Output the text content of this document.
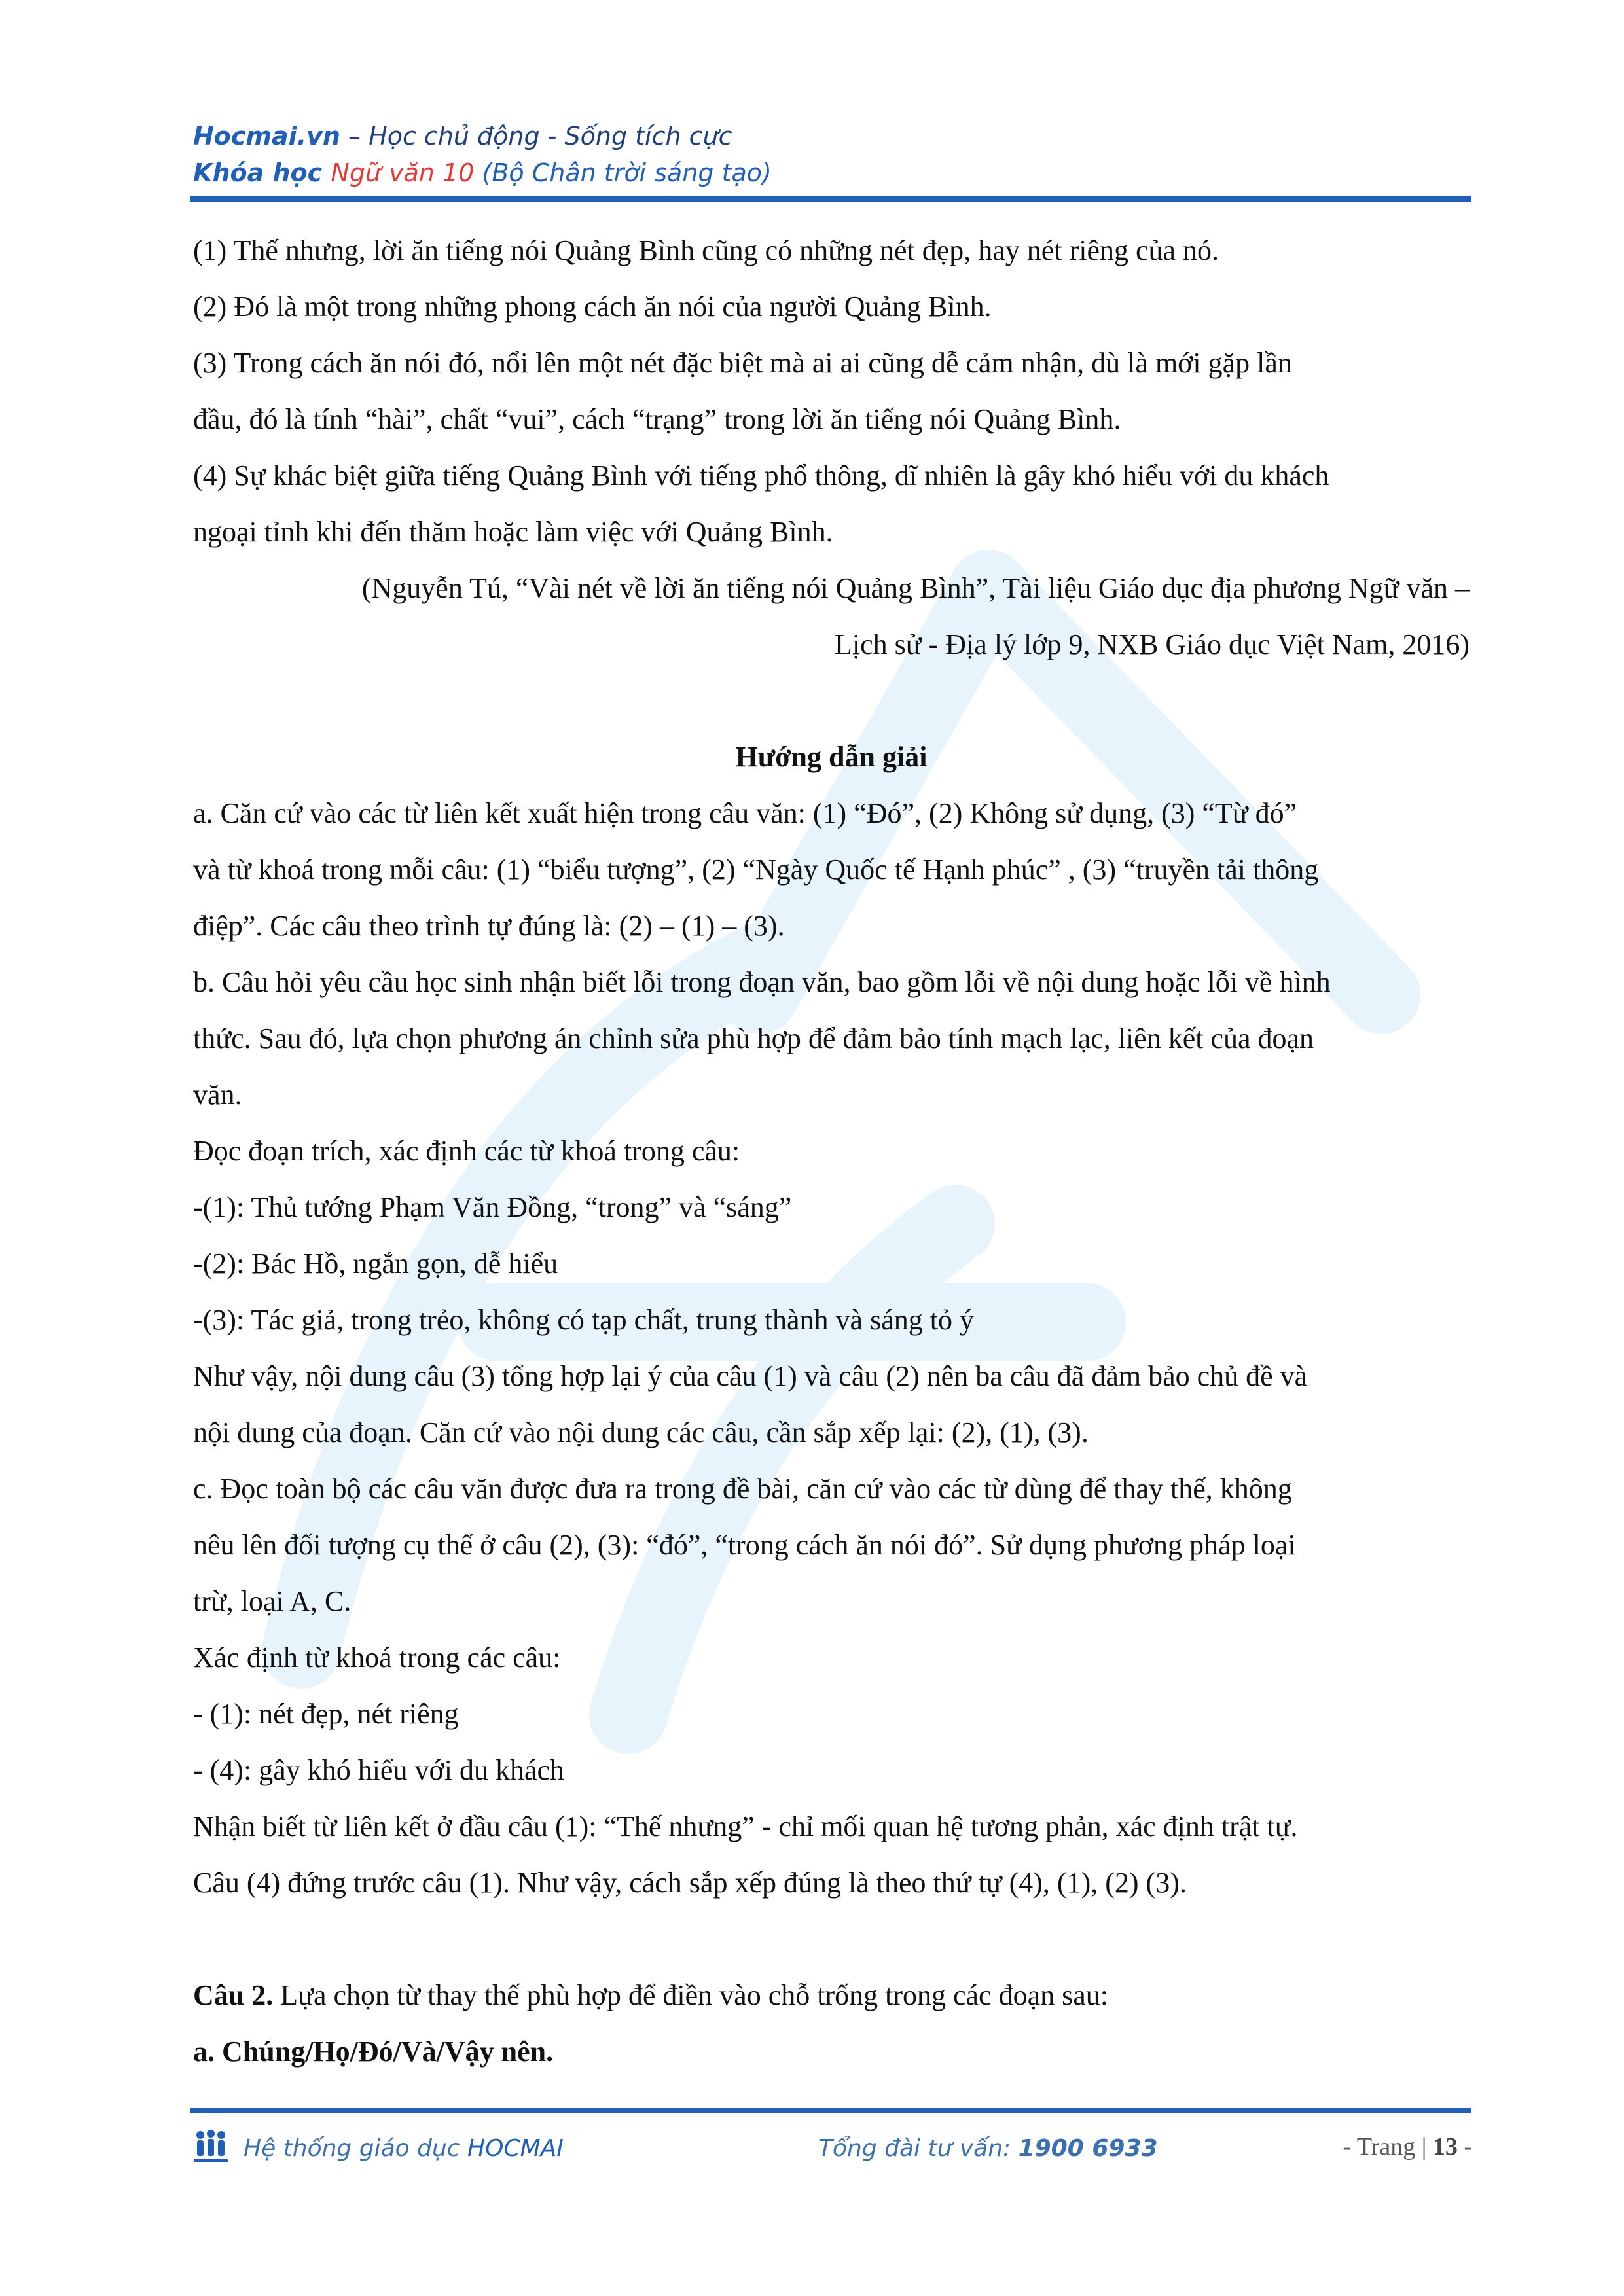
Hocmai.vn – Học chủ động - Sống tích cực
Khóa học Ngữ văn 10 (Bộ Chân trời sáng tạo)

(1) Thế nhưng, lời ăn tiếng nói Quảng Bình cũng có những nét đẹp, hay nét riêng của nó.

(2) Đó là một trong những phong cách ăn nói của người Quảng Bình.

(3) Trong cách ăn nói đó, nổi lên một nét đặc biệt mà ai ai cũng dễ cảm nhận, dù là mới gặp lần

đầu, đó là tính “hài”, chất “vui”, cách “trạng” trong lời ăn tiếng nói Quảng Bình.

(4) Sự khác biệt giữa tiếng Quảng Bình với tiếng phổ thông, dĩ nhiên là gây khó hiểu với du khách

ngoại tỉnh khi đến thăm hoặc làm việc với Quảng Bình.

(Nguyễn Tú, “Vài nét về lời ăn tiếng nói Quảng Bình”, Tài liệu Giáo dục địa phương Ngữ văn –

Lịch sử - Địa lý lớp 9, NXB Giáo dục Việt Nam, 2016)

Hướng dẫn giải

a. Căn cứ vào các từ liên kết xuất hiện trong câu văn: (1) “Đó”, (2) Không sử dụng, (3) “Từ đó”

và từ khoá trong mỗi câu: (1) “biểu tượng”, (2) “Ngày Quốc tế Hạnh phúc” , (3) “truyền tải thông

điệp”. Các câu theo trình tự đúng là: (2) – (1) – (3).

b. Câu hỏi yêu cầu học sinh nhận biết lỗi trong đoạn văn, bao gồm lỗi về nội dung hoặc lỗi về hình

thức. Sau đó, lựa chọn phương án chỉnh sửa phù hợp để đảm bảo tính mạch lạc, liên kết của đoạn

văn.

Đọc đoạn trích, xác định các từ khoá trong câu:

-(1): Thủ tướng Phạm Văn Đồng, “trong” và “sáng”

-(2): Bác Hồ, ngắn gọn, dễ hiểu

-(3): Tác giả, trong trẻo, không có tạp chất, trung thành và sáng tỏ ý

Như vậy, nội dung câu (3) tổng hợp lại ý của câu (1) và câu (2) nên ba câu đã đảm bảo chủ đề và

nội dung của đoạn. Căn cứ vào nội dung các câu, cần sắp xếp lại: (2), (1), (3).

c. Đọc toàn bộ các câu văn được đưa ra trong đề bài, căn cứ vào các từ dùng để thay thế, không

nêu lên đối tượng cụ thể ở câu (2), (3): “đó”, “trong cách ăn nói đó”. Sử dụng phương pháp loại

trừ, loại A, C.

Xác định từ khoá trong các câu:

- (1): nét đẹp, nét riêng

- (4): gây khó hiểu với du khách

Nhận biết từ liên kết ở đầu câu (1): “Thế nhưng” - chỉ mối quan hệ tương phản, xác định trật tự.

Câu (4) đứng trước câu (1). Như vậy, cách sắp xếp đúng là theo thứ tự (4), (1), (2) (3).

Câu 2. Lựa chọn từ thay thế phù hợp để điền vào chỗ trống trong các đoạn sau:

a. Chúng/Họ/Đó/Và/Vậy nên.

Hệ thống giáo dục HOCMAI	Tổng đài tư vấn: 1900 6933	- Trang | 13 -
